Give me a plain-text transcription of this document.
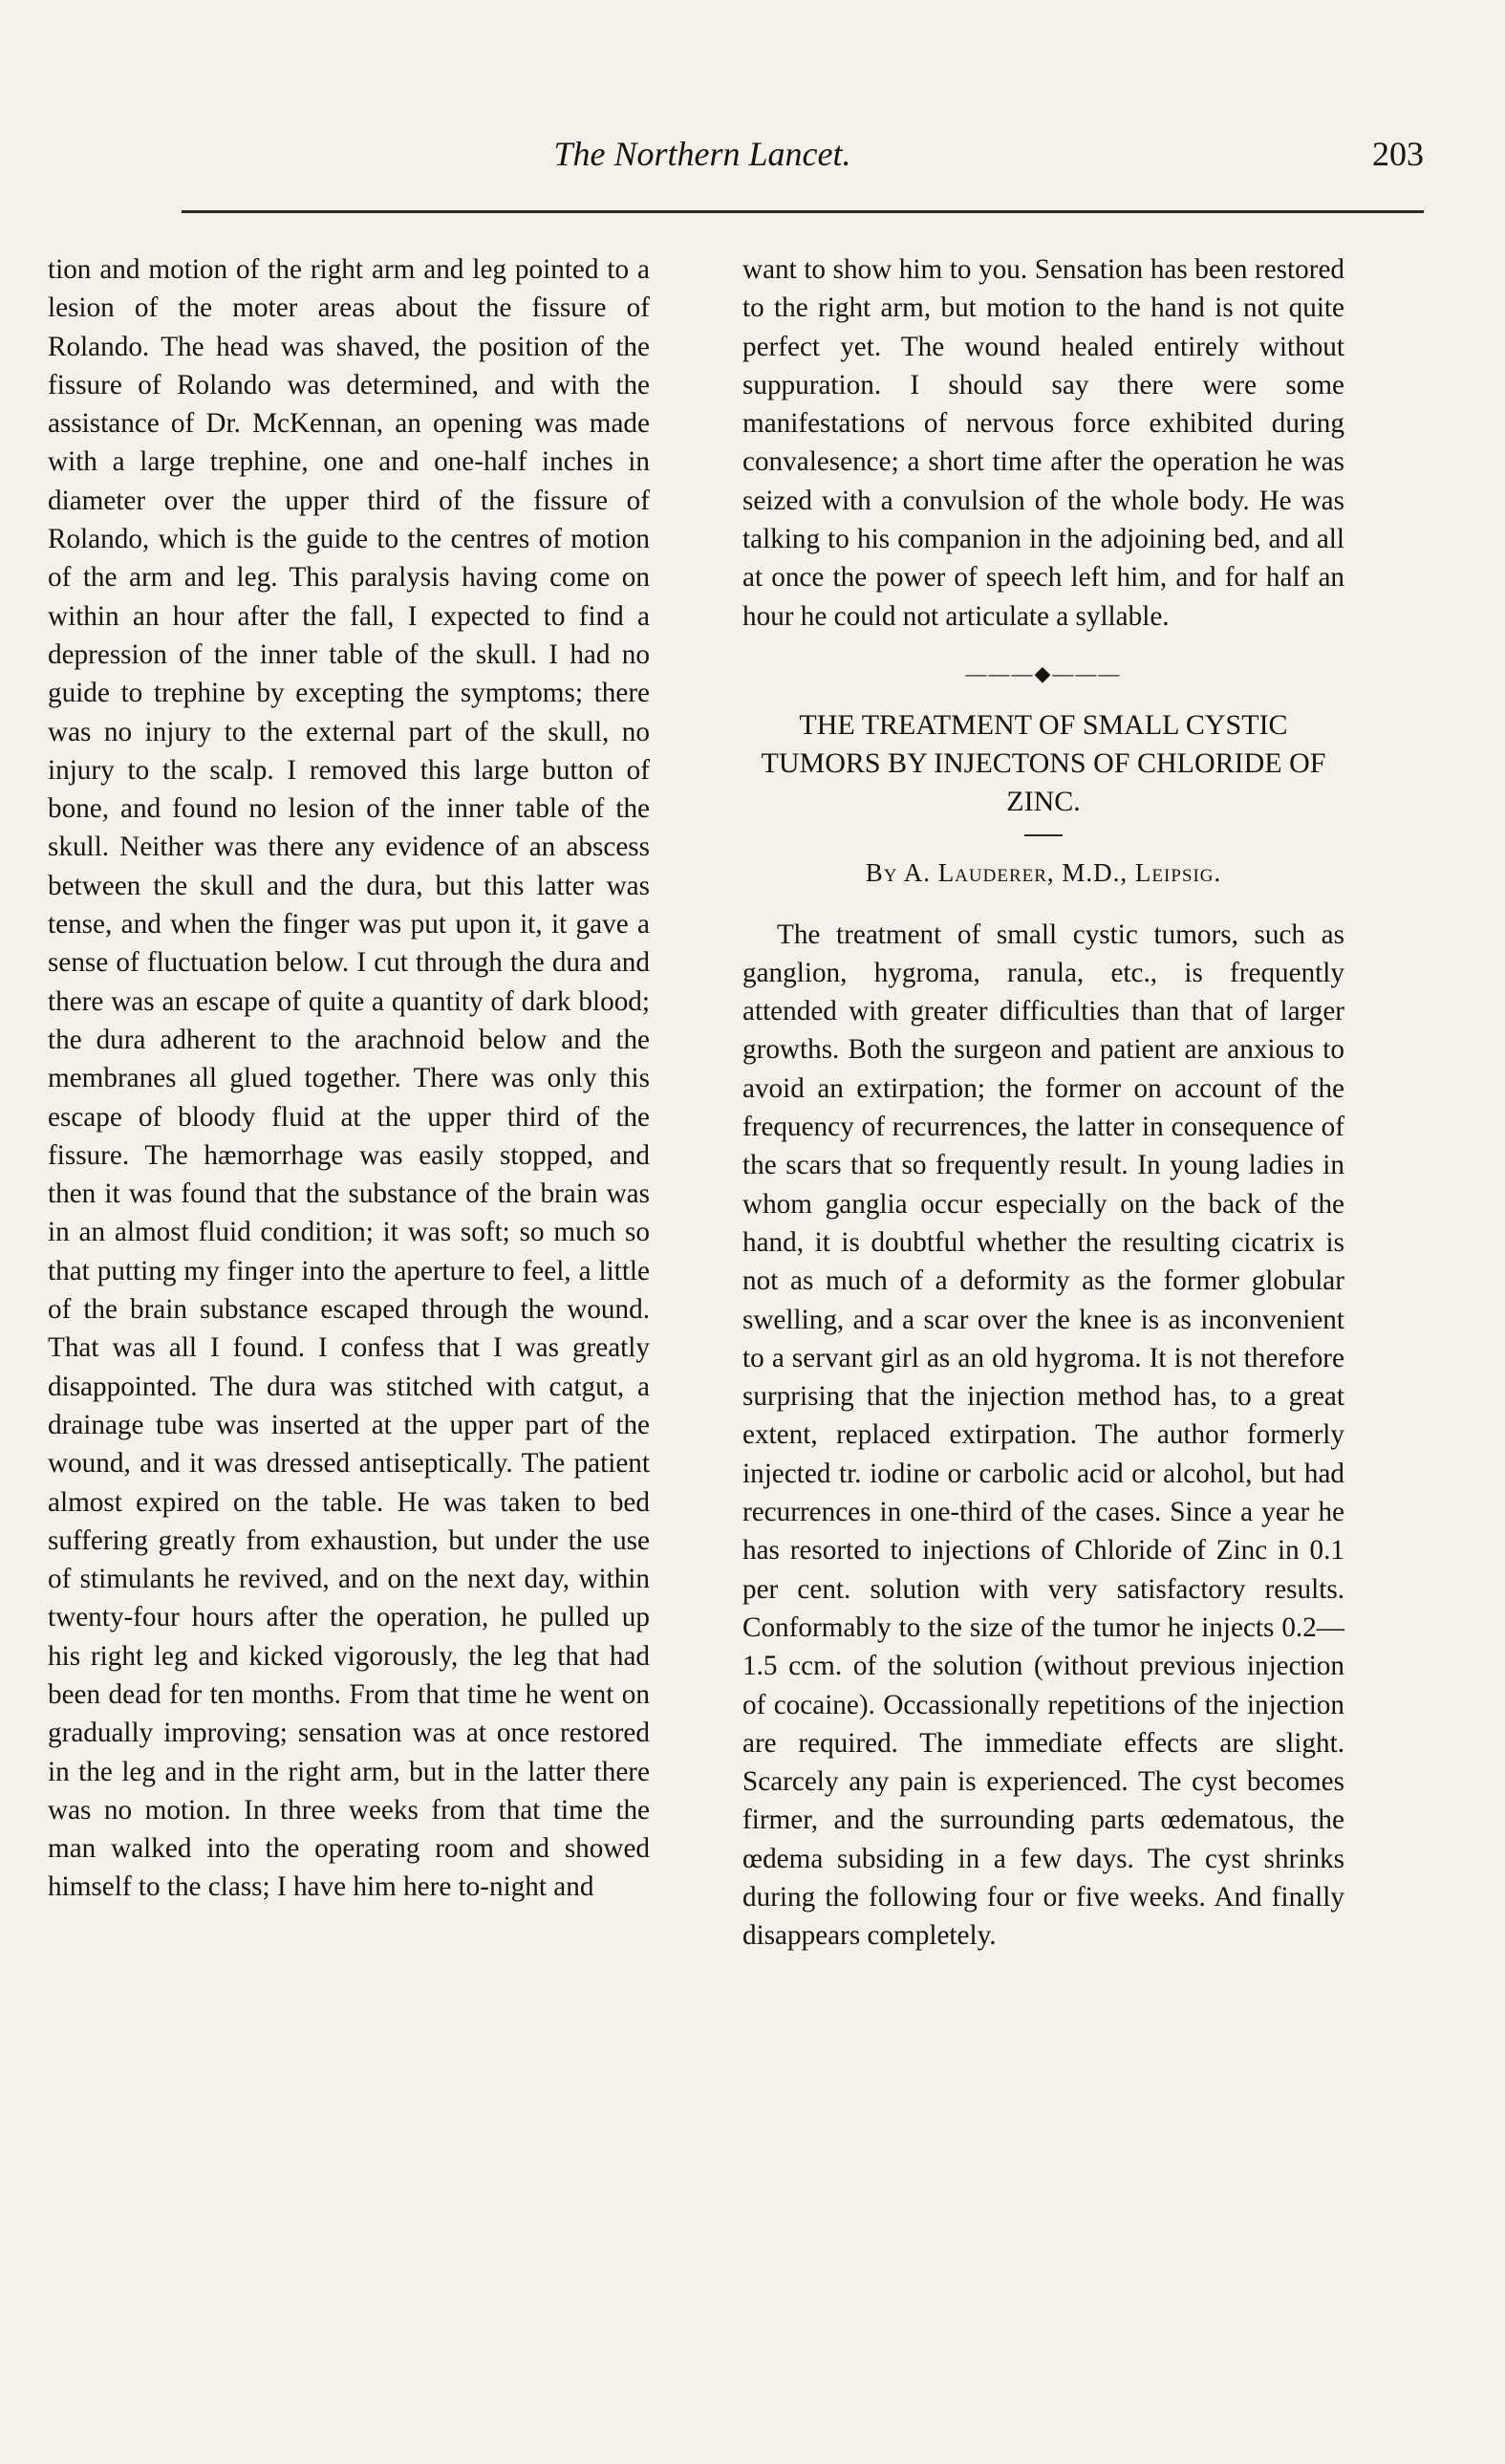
The Northern Lancet.	203

tion and motion of the right arm and leg pointed to a lesion of the moter areas about the fissure of Rolando. The head was shaved, the position of the fissure of Rolando was determined, and with the assistance of Dr. McKennan, an opening was made with a large trephine, one and one-half inches in diameter over the upper third of the fissure of Rolando, which is the guide to the centres of motion of the arm and leg. This paralysis having come on within an hour after the fall, I expected to find a depression of the inner table of the skull. I had no guide to trephine by excepting the symptoms; there was no injury to the external part of the skull, no injury to the scalp. I removed this large button of bone, and found no lesion of the inner table of the skull. Neither was there any evidence of an abscess between the skull and the dura, but this latter was tense, and when the finger was put upon it, it gave a sense of fluctuation below. I cut through the dura and there was an escape of quite a quantity of dark blood; the dura adherent to the arachnoid below and the membranes all glued together. There was only this escape of bloody fluid at the upper third of the fissure. The hæmorrhage was easily stopped, and then it was found that the substance of the brain was in an almost fluid condition; it was soft; so much so that putting my finger into the aperture to feel, a little of the brain substance escaped through the wound. That was all I found. I confess that I was greatly disappointed. The dura was stitched with catgut, a drainage tube was inserted at the upper part of the wound, and it was dressed antiseptically. The patient almost expired on the table. He was taken to bed suffering greatly from exhaustion, but under the use of stimulants he revived, and on the next day, within twenty-four hours after the operation, he pulled up his right leg and kicked vigorously, the leg that had been dead for ten months. From that time he went on gradually improving; sensation was at once restored in the leg and in the right arm, but in the latter there was no motion. In three weeks from that time the man walked into the operating room and showed himself to the class; I have him here to-night and

want to show him to you. Sensation has been restored to the right arm, but motion to the hand is not quite perfect yet. The wound healed entirely without suppuration. I should say there were some manifestations of nervous force exhibited during convalesence; a short time after the operation he was seized with a convulsion of the whole body. He was talking to his companion in the adjoining bed, and all at once the power of speech left him, and for half an hour he could not articulate a syllable.

———◆———
THE TREATMENT OF SMALL CYSTIC TUMORS BY INJECTONS OF CHLORIDE OF ZINC.
By A. Lauderer, M.D., Leipsig.

The treatment of small cystic tumors, such as ganglion, hygroma, ranula, etc., is frequently attended with greater difficulties than that of larger growths. Both the surgeon and patient are anxious to avoid an extirpation; the former on account of the frequency of recurrences, the latter in consequence of the scars that so frequently result. In young ladies in whom ganglia occur especially on the back of the hand, it is doubtful whether the resulting cicatrix is not as much of a deformity as the former globular swelling, and a scar over the knee is as inconvenient to a servant girl as an old hygroma. It is not therefore surprising that the injection method has, to a great extent, replaced extirpation. The author formerly injected tr. iodine or carbolic acid or alcohol, but had recurrences in one-third of the cases. Since a year he has resorted to injections of Chloride of Zinc in 0.1 per cent. solution with very satisfactory results. Conformably to the size of the tumor he injects 0.2—1.5 ccm. of the solution (without previous injection of cocaine). Occassionally repetitions of the injection are required. The immediate effects are slight. Scarcely any pain is experienced. The cyst becomes firmer, and the surrounding parts œdematous, the œdema subsiding in a few days. The cyst shrinks during the following four or five weeks. And finally disappears completely.
